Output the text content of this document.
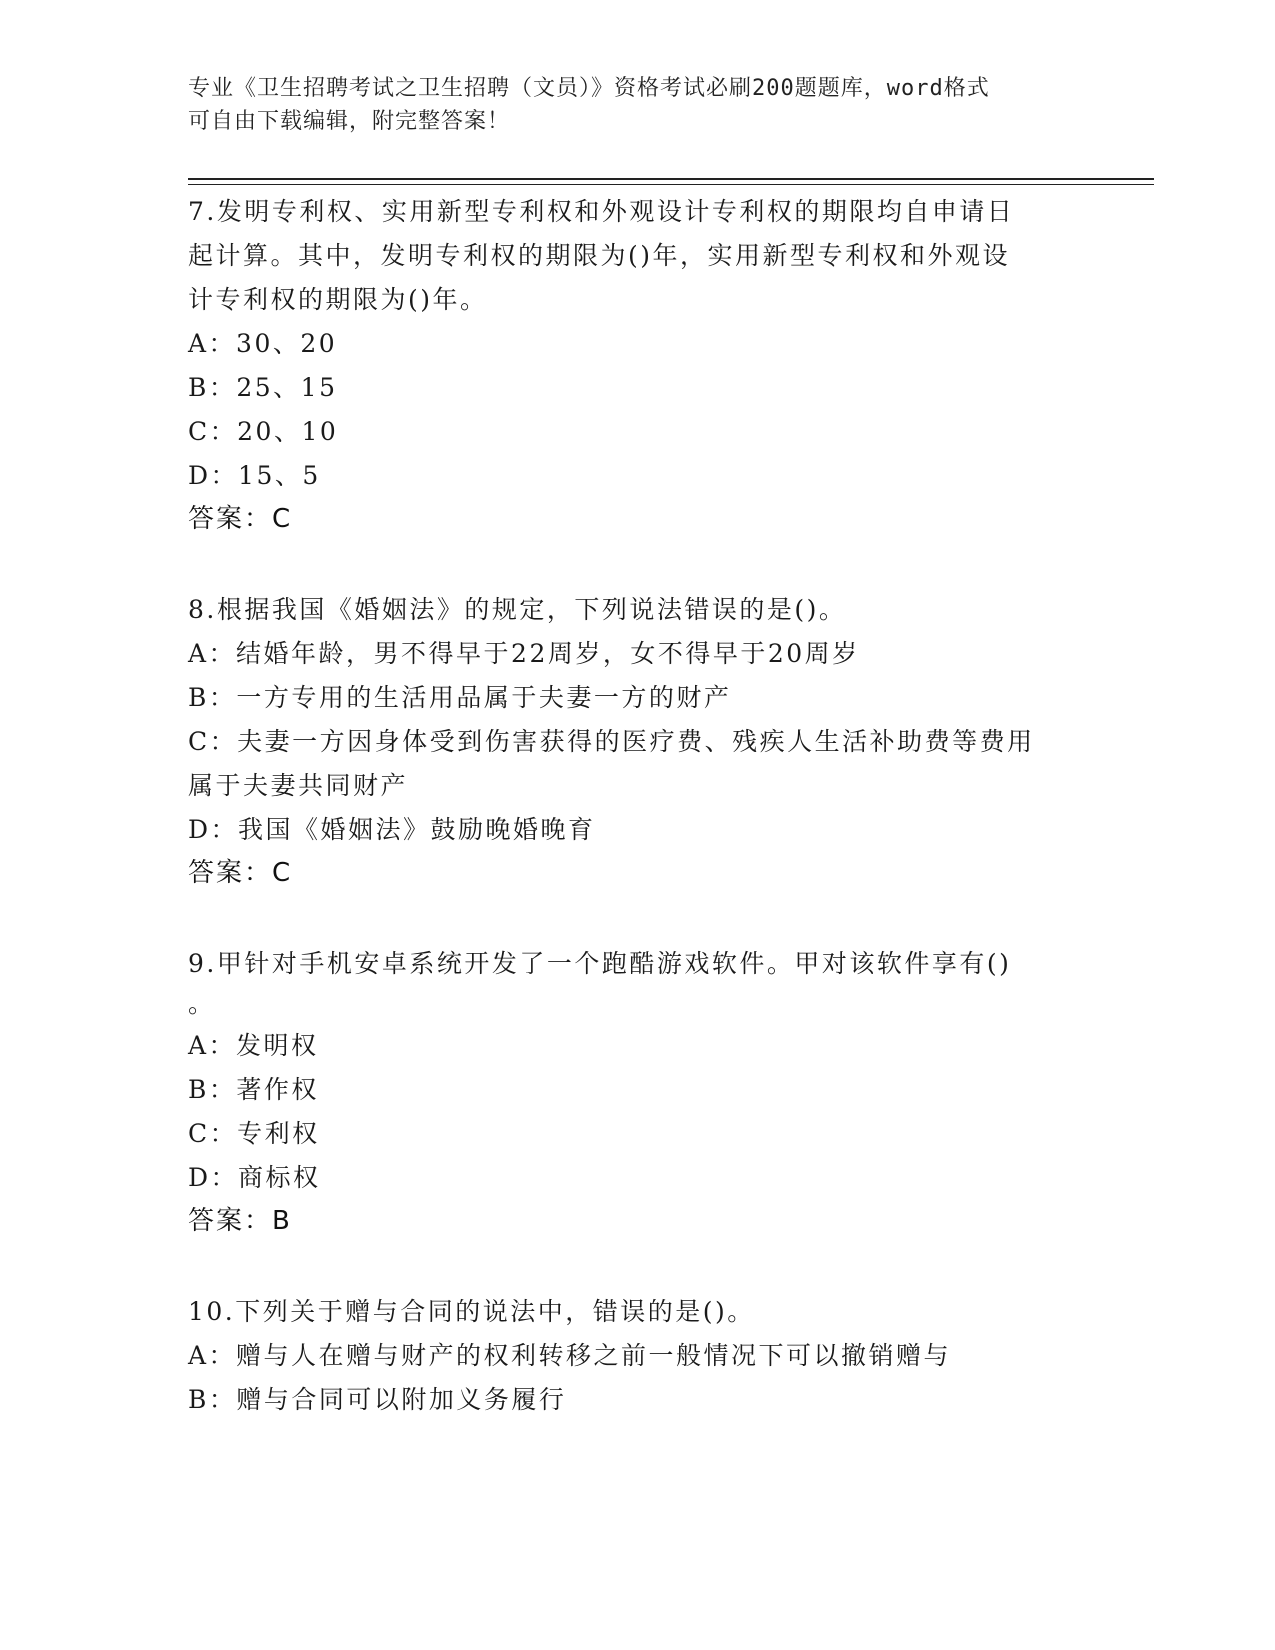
专业《卫生招聘考试之卫生招聘（文员）》资格考试必刷200题题库，word格式
可自由下载编辑，附完整答案！
7.发明专利权、实用新型专利权和外观设计专利权的期限均自申请日
起计算。其中，发明专利权的期限为()年，实用新型专利权和外观设
计专利权的期限为()年。
A：30、20
B：25、15
C：20、10
D：15、5
答案：C
8.根据我国《婚姻法》的规定，下列说法错误的是()。
A：结婚年龄，男不得早于22周岁，女不得早于20周岁
B：一方专用的生活用品属于夫妻一方的财产
C：夫妻一方因身体受到伤害获得的医疗费、残疾人生活补助费等费用
属于夫妻共同财产
D：我国《婚姻法》鼓励晚婚晚育
答案：C
9.甲针对手机安卓系统开发了一个跑酷游戏软件。甲对该软件享有()
。
A：发明权
B：著作权
C：专利权
D：商标权
答案：B
10.下列关于赠与合同的说法中，错误的是()。
A：赠与人在赠与财产的权利转移之前一般情况下可以撤销赠与
B：赠与合同可以附加义务履行
